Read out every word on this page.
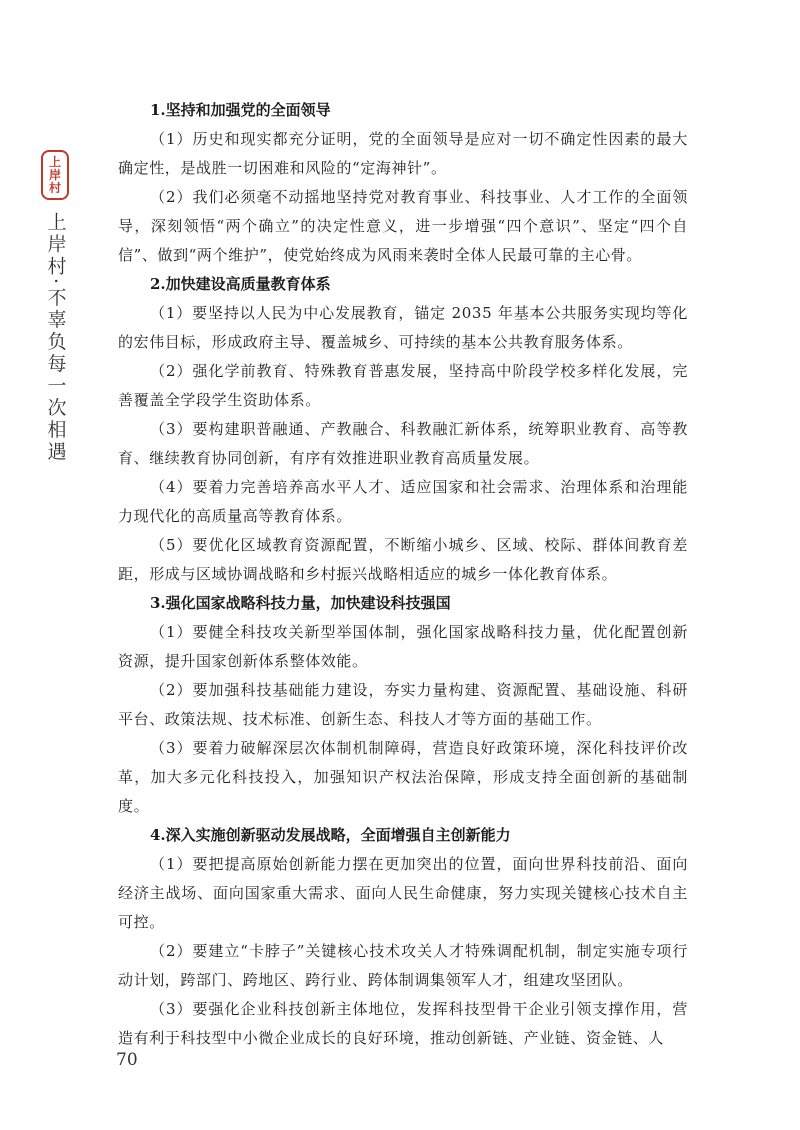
上
岸
村
上岸村·不辜负每一次相遇

1.坚持和加强党的全面领导

（1）历史和现实都充分证明，党的全面领导是应对一切不确定性因素的最大确定性，是战胜一切困难和风险的“定海神针”。

（2）我们必须毫不动摇地坚持党对教育事业、科技事业、人才工作的全面领导，深刻领悟“两个确立”的决定性意义，进一步增强“四个意识”、坚定“四个自信”、做到“两个维护”，使党始终成为风雨来袭时全体人民最可靠的主心骨。

2.加快建设高质量教育体系

（1）要坚持以人民为中心发展教育，锚定 2035 年基本公共服务实现均等化的宏伟目标，形成政府主导、覆盖城乡、可持续的基本公共教育服务体系。

（2）强化学前教育、特殊教育普惠发展，坚持高中阶段学校多样化发展，完善覆盖全学段学生资助体系。

（3）要构建职普融通、产教融合、科教融汇新体系，统筹职业教育、高等教育、继续教育协同创新，有序有效推进职业教育高质量发展。

（4）要着力完善培养高水平人才、适应国家和社会需求、治理体系和治理能力现代化的高质量高等教育体系。

（5）要优化区域教育资源配置，不断缩小城乡、区域、校际、群体间教育差距，形成与区域协调战略和乡村振兴战略相适应的城乡一体化教育体系。

3.强化国家战略科技力量，加快建设科技强国

（1）要健全科技攻关新型举国体制，强化国家战略科技力量，优化配置创新资源，提升国家创新体系整体效能。

（2）要加强科技基础能力建设，夯实力量构建、资源配置、基础设施、科研平台、政策法规、技术标准、创新生态、科技人才等方面的基础工作。

（3）要着力破解深层次体制机制障碍，营造良好政策环境，深化科技评价改革，加大多元化科技投入，加强知识产权法治保障，形成支持全面创新的基础制度。

4.深入实施创新驱动发展战略，全面增强自主创新能力

（1）要把提高原始创新能力摆在更加突出的位置，面向世界科技前沿、面向经济主战场、面向国家重大需求、面向人民生命健康，努力实现关键核心技术自主可控。

（2）要建立“卡脖子”关键核心技术攻关人才特殊调配机制，制定实施专项行动计划，跨部门、跨地区、跨行业、跨体制调集领军人才，组建攻坚团队。

（3）要强化企业科技创新主体地位，发挥科技型骨干企业引领支撑作用，营造有利于科技型中小微企业成长的良好环境，推动创新链、产业链、资金链、人

70
